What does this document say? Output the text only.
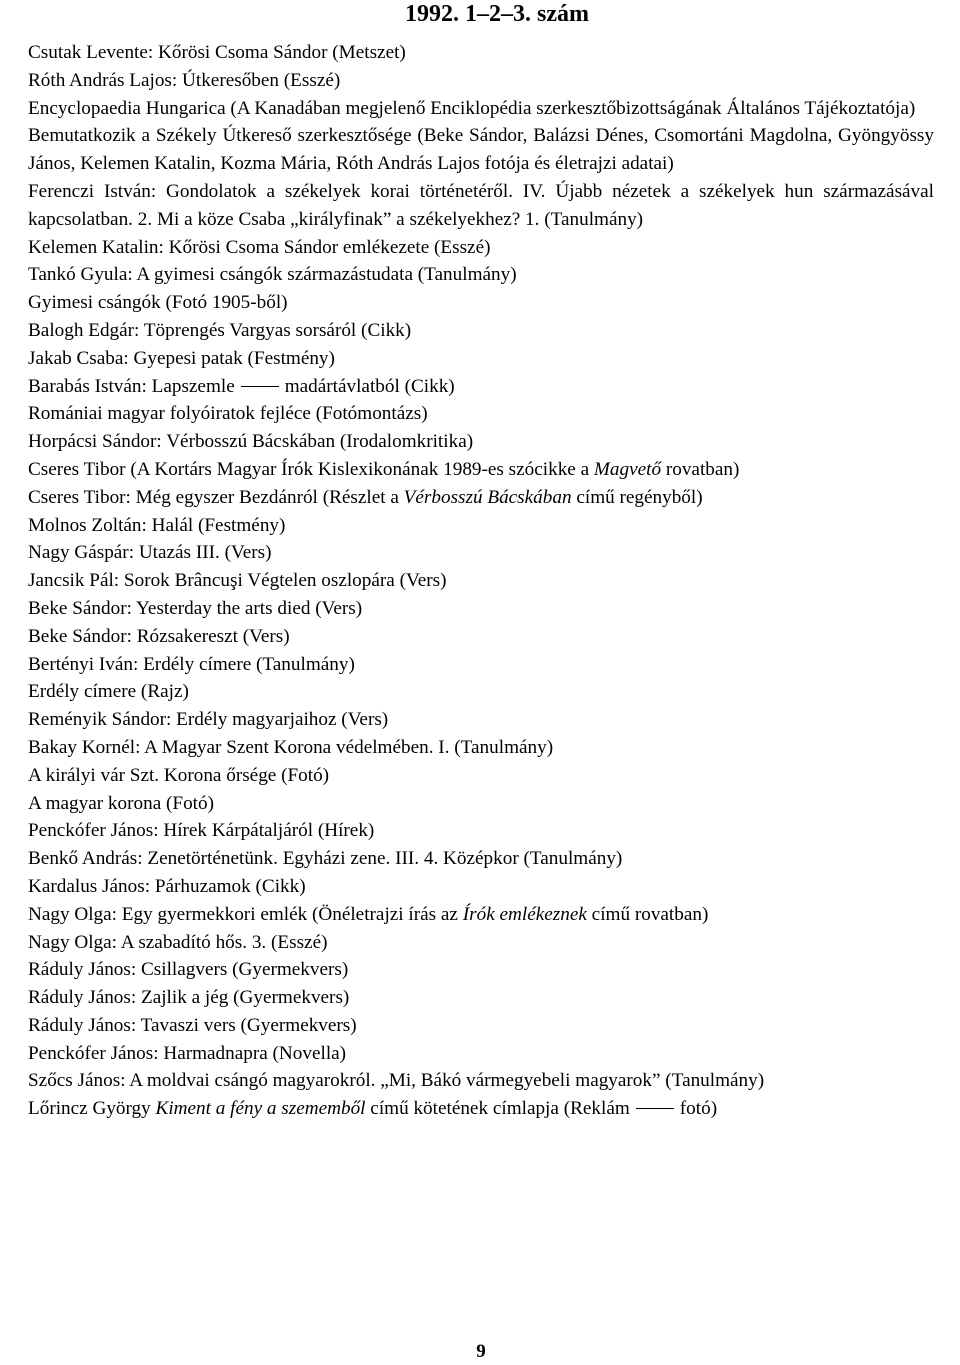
1992. 1–2–3. szám

Csutak Levente: Kőrösi Csoma Sándor (Metszet)

Róth András Lajos: Útkeresőben (Esszé)

Encyclopaedia Hungarica (A Kanadában megjelenő Enciklopédia szerkesztőbizottságának Általános Tájékoztatója)

Bemutatkozik a Székely Útkereső szerkesztősége (Beke Sándor, Balázsi Dénes, Csomortáni Magdolna, Gyöngyössy János, Kelemen Katalin, Kozma Mária, Róth András Lajos fotója és életrajzi adatai)

Ferenczi István: Gondolatok a székelyek korai történetéről. IV. Újabb nézetek a székelyek hun származásával kapcsolatban. 2. Mi a köze Csaba „királyfinak” a székelyekhez? 1. (Tanulmány)

Kelemen Katalin: Kőrösi Csoma Sándor emlékezete (Esszé)

Tankó Gyula: A gyimesi csángók származástudata (Tanulmány)

Gyimesi csángók (Fotó 1905-ből)

Balogh Edgár: Töprengés Vargyas sorsáról (Cikk)

Jakab Csaba: Gyepesi patak (Festmény)

Barabás István: Lapszemle	madártávlatból (Cikk)

Romániai magyar folyóiratok fejléce (Fotómontázs)

Horpácsi Sándor: Vérbosszú Bácskában (Irodalomkritika)

Cseres Tibor (A Kortárs Magyar Írók Kislexikonának 1989-es szócikke a Magvető rovatban)

Cseres Tibor: Még egyszer Bezdánról (Részlet a Vérbosszú Bácskában című regényből)

Molnos Zoltán: Halál (Festmény)

Nagy Gáspár: Utazás III. (Vers)

Jancsik Pál: Sorok Brâncuşi Végtelen oszlopára (Vers)

Beke Sándor: Yesterday the arts died (Vers)

Beke Sándor: Rózsakereszt (Vers)

Bertényi Iván: Erdély címere (Tanulmány)

Erdély címere (Rajz)

Reményik Sándor: Erdély magyarjaihoz (Vers)

Bakay Kornél: A Magyar Szent Korona védelmében. I. (Tanulmány)

A királyi vár Szt. Korona őrsége (Fotó)

A magyar korona (Fotó)

Penckófer János: Hírek Kárpátaljáról (Hírek)

Benkő András: Zenetörténetünk. Egyházi zene. III. 4. Középkor (Tanulmány)

Kardalus János: Párhuzamok (Cikk)

Nagy Olga: Egy gyermekkori emlék (Önéletrajzi írás az Írók emlékeznek című rovatban)

Nagy Olga: A szabadító hős. 3. (Esszé)

Ráduly János: Csillagvers (Gyermekvers)

Ráduly János: Zajlik a jég (Gyermekvers)

Ráduly János: Tavaszi vers (Gyermekvers)

Penckófer János: Harmadnapra (Novella)

Szőcs János: A moldvai csángó magyarokról. „Mi, Bákó vármegyebeli magyarok” (Tanulmány)

Lőrincz György Kiment a fény a szememből című kötetének címlapja (Reklám	fotó)

9
